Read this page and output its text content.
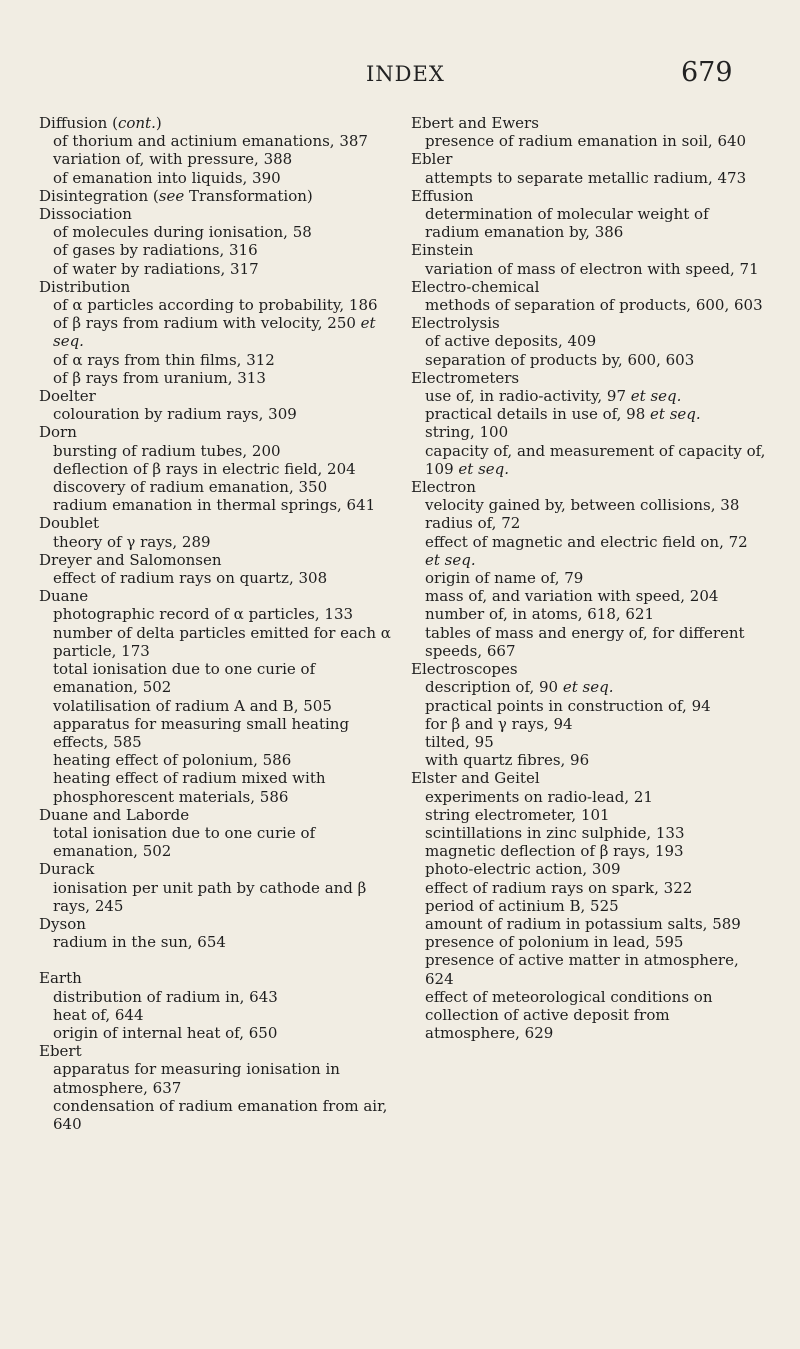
INDEX	679
Diffusion (cont.)
of thorium and actinium emanations, 387
variation of, with pressure, 388
of emanation into liquids, 390
Disintegration (see Transformation)
Dissociation
of molecules during ionisation, 58
of gases by radiations, 316
of water by radiations, 317
Distribution
of α particles according to probability, 186
of β rays from radium with velocity, 250 et seq.
of α rays from thin films, 312
of β rays from uranium, 313
Doelter
colouration by radium rays, 309
Dorn
bursting of radium tubes, 200
deflection of β rays in electric field, 204
discovery of radium emanation, 350
radium emanation in thermal springs, 641
Doublet
theory of γ rays, 289
Dreyer and Salomonsen
effect of radium rays on quartz, 308
Duane
photographic record of α particles, 133
number of delta particles emitted for each α particle, 173
total ionisation due to one curie of emanation, 502
volatilisation of radium A and B, 505
apparatus for measuring small heating effects, 585
heating effect of polonium, 586
heating effect of radium mixed with phosphorescent materials, 586
Duane and Laborde
total ionisation due to one curie of emanation, 502
Durack
ionisation per unit path by cathode and β rays, 245
Dyson
radium in the sun, 654
Earth
distribution of radium in, 643
heat of, 644
origin of internal heat of, 650
Ebert
apparatus for measuring ionisation in atmosphere, 637
condensation of radium emanation from air, 640
Ebert and Ewers
presence of radium emanation in soil, 640
Ebler
attempts to separate metallic radium, 473
Effusion
determination of molecular weight of radium emanation by, 386
Einstein
variation of mass of electron with speed, 71
Electro-chemical
methods of separation of products, 600, 603
Electrolysis
of active deposits, 409
separation of products by, 600, 603
Electrometers
use of, in radio-activity, 97 et seq.
practical details in use of, 98 et seq.
string, 100
capacity of, and measurement of capacity of, 109 et seq.
Electron
velocity gained by, between collisions, 38
radius of, 72
effect of magnetic and electric field on, 72 et seq.
origin of name of, 79
mass of, and variation with speed, 204
number of, in atoms, 618, 621
tables of mass and energy of, for different speeds, 667
Electroscopes
description of, 90 et seq.
practical points in construction of, 94
for β and γ rays, 94
tilted, 95
with quartz fibres, 96
Elster and Geitel
experiments on radio-lead, 21
string electrometer, 101
scintillations in zinc sulphide, 133
magnetic deflection of β rays, 193
photo-electric action, 309
effect of radium rays on spark, 322
period of actinium B, 525
amount of radium in potassium salts, 589
presence of polonium in lead, 595
presence of active matter in atmosphere, 624
effect of meteorological conditions on collection of active deposit from atmosphere, 629
